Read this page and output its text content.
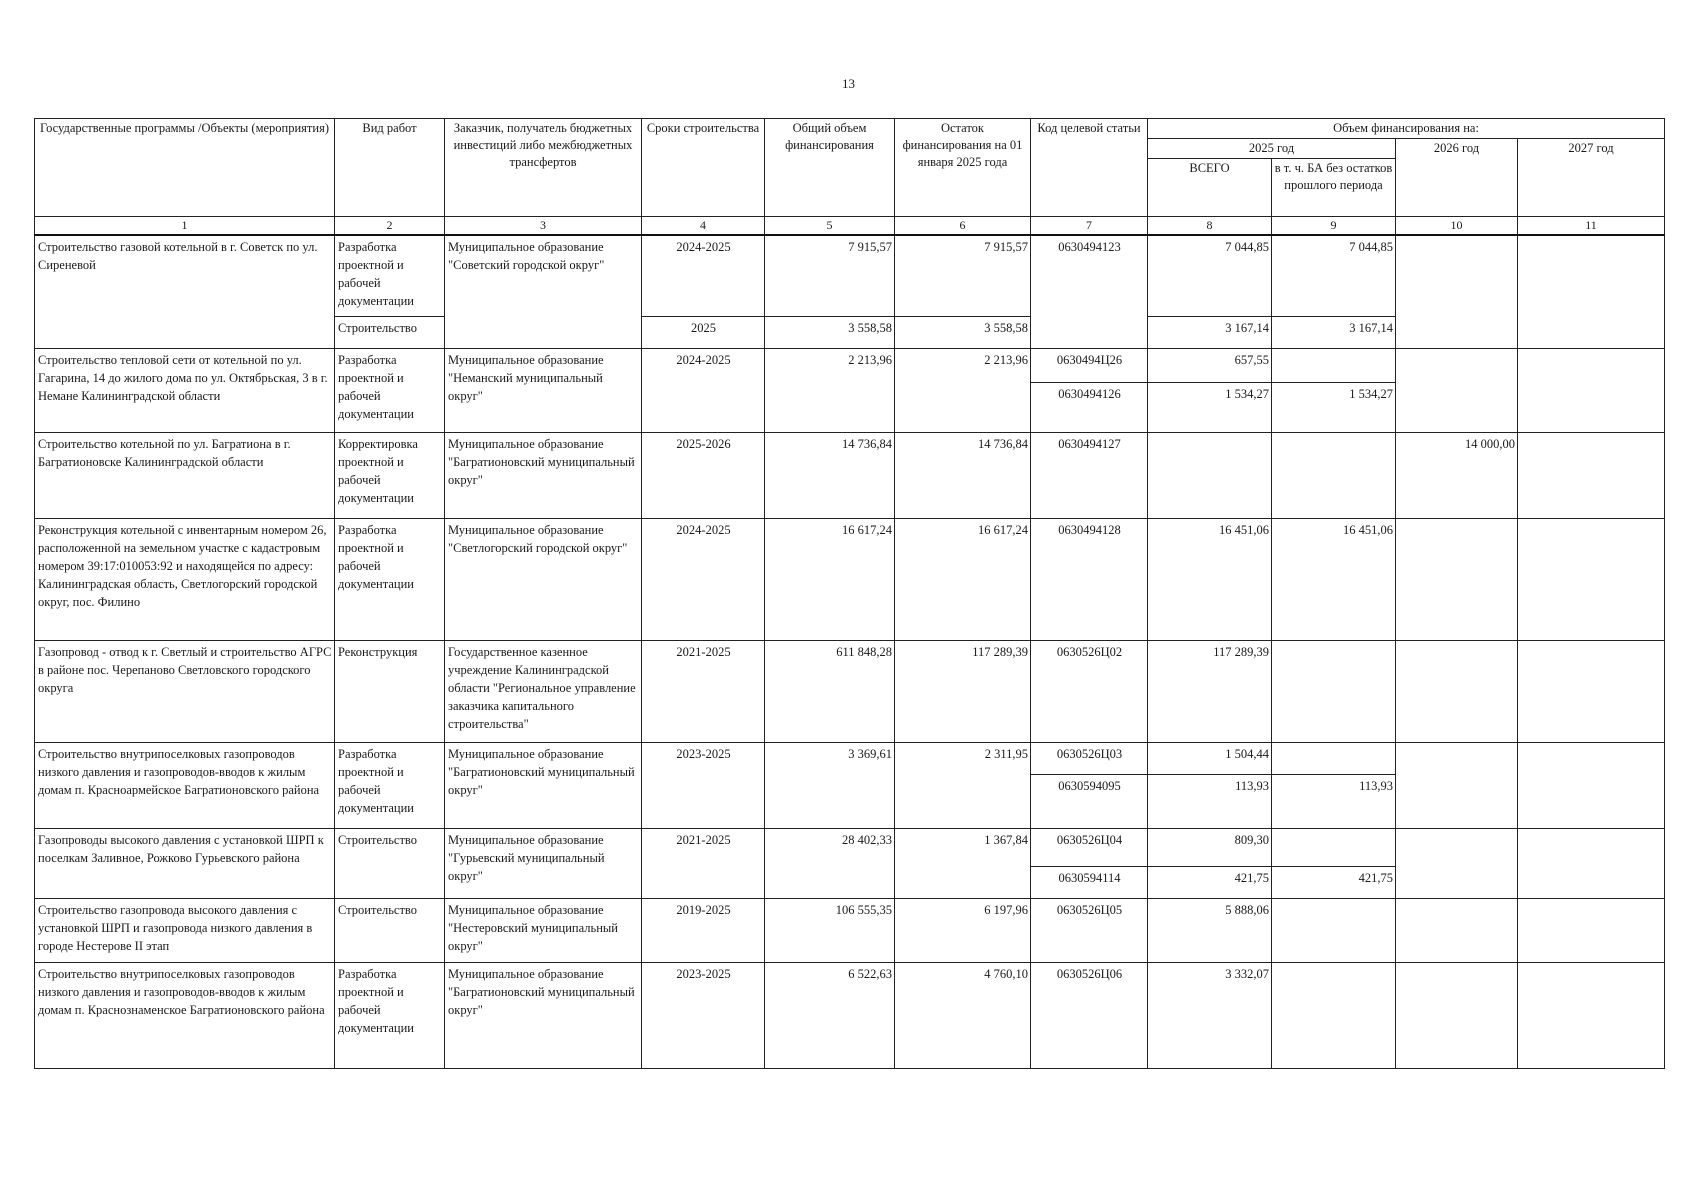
13
Государственные программы /Объекты (мероприятия)	Вид работ	Заказчик, получатель бюджетных инвестиций либо межбюджетных трансфертов	Сроки строительства	Общий объем финансирования	Остаток финансирования на 01 января 2025 года	Код целевой статьи	Объем финансирования на:			
							2025 год		2026 год	2027 год
							ВСЕГО	в т. ч. БА без остатков прошлого периода		
1	2	3	4	5	6	7	8	9	10	11
Строительство газовой котельной в г. Советск по ул. Сиреневой	Разработка проектной и рабочей документации	Муниципальное образование "Советский городской округ"	2024-2025	7 915,57	7 915,57	0630494123	7 044,85	7 044,85		
	Строительство		2025	3 558,58	3 558,58		3 167,14	3 167,14		
Строительство тепловой сети от котельной по ул. Гагарина, 14 до жилого дома по ул. Октябрьская, 3 в г. Немане Калининградской области	Разработка проектной и рабочей документации	Муниципальное образование "Неманский муниципальный округ"	2024-2025	2 213,96	2 213,96	0630494Ц26	657,55			
						0630494126	1 534,27	1 534,27		
Строительство котельной по ул. Багратиона в г. Багратионовске Калининградской области	Корректировка проектной и рабочей документации	Муниципальное образование "Багратионовский муниципальный округ"	2025-2026	14 736,84	14 736,84	0630494127			14 000,00	
Реконструкция котельной с инвентарным номером 26, расположенной на земельном участке с кадастровым номером 39:17:010053:92 и находящейся по адресу: Калининградская область, Светлогорский городской округ, пос. Филино	Разработка проектной и рабочей документации	Муниципальное образование "Светлогорский городской округ"	2024-2025	16 617,24	16 617,24	0630494128	16 451,06	16 451,06		
Газопровод - отвод к г. Светлый и строительство АГРС в районе пос. Черепаново Светловского городского округа	Реконструкция	Государственное казенное учреждение Калининградской области "Региональное управление заказчика капитального строительства"	2021-2025	611 848,28	117 289,39	0630526Ц02	117 289,39			
Строительство внутрипоселковых газопроводов низкого давления и газопроводов-вводов к жилым домам п. Красноармейское Багратионовского района	Разработка проектной и рабочей документации	Муниципальное образование "Багратионовский муниципальный округ"	2023-2025	3 369,61	2 311,95	0630526Ц03	1 504,44			
						0630594095	113,93	113,93		
Газопроводы высокого давления с установкой ШРП к поселкам Заливное, Рожково Гурьевского района	Строительство	Муниципальное образование "Гурьевский муниципальный округ"	2021-2025	28 402,33	1 367,84	0630526Ц04	809,30			
						0630594114	421,75	421,75		
Строительство газопровода высокого давления с установкой ШРП и газопровода низкого давления в городе Нестерове II этап	Строительство	Муниципальное образование "Нестеровский муниципальный округ"	2019-2025	106 555,35	6 197,96	0630526Ц05	5 888,06			
Строительство внутрипоселковых газопроводов низкого давления и газопроводов-вводов к жилым домам п. Краснознаменское Багратионовского района	Разработка проектной и рабочей документации	Муниципальное образование "Багратионовский муниципальный округ"	2023-2025	6 522,63	4 760,10	0630526Ц06	3 332,07			
